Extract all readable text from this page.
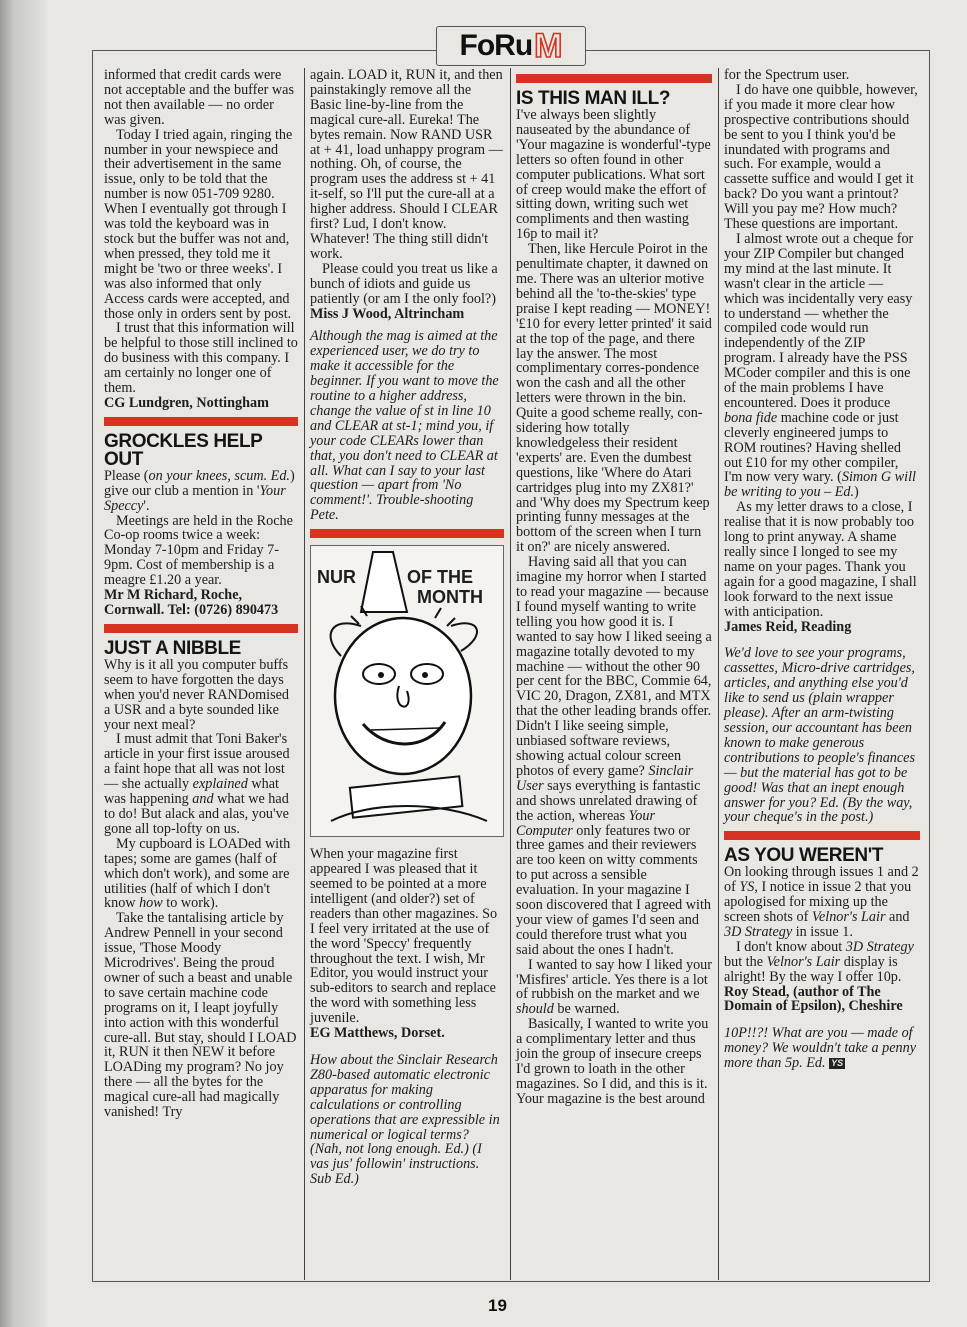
FoRu M

informed that credit cards were not acceptable and the buffer was not then available — no order was given.

Today I tried again, ringing the number in your newspiece and their advertisement in the same issue, only to be told that the number is now 051-709 9280. When I eventually got through I was told the keyboard was in stock but the buffer was not and, when pressed, they told me it might be 'two or three weeks'. I was also informed that only Access cards were accepted, and those only in orders sent by post.

I trust that this information will be helpful to those still inclined to do business with this company. I am certainly no longer one of them.

CG Lundgren, Nottingham

GROCKLES HELP OUT

Please (on your knees, scum. Ed.) give our club a mention in 'Your Speccy'.

Meetings are held in the Roche Co-op rooms twice a week: Monday 7-10pm and Friday 7-9pm. Cost of membership is a meagre £1.20 a year.

Mr M Richard, Roche, Cornwall. Tel: (0726) 890473

JUST A NIBBLE

Why is it all you computer buffs seem to have forgotten the days when you'd never RANDomised a USR and a byte sounded like your next meal?

I must admit that Toni Baker's article in your first issue aroused a faint hope that all was not lost — she actually explained what was happening and what we had to do! But alack and alas, you've gone all top-lofty on us.

My cupboard is LOADed with tapes; some are games (half of which don't work), and some are utilities (half of which I don't know how to work).

Take the tantalising article by Andrew Pennell in your second issue, 'Those Moody Microdrives'. Being the proud owner of such a beast and unable to save certain machine code programs on it, I leapt joyfully into action with this wonderful cure-all. But stay, should I LOAD it, RUN it then NEW it before LOADing my program? No joy there — all the bytes for the magical cure-all had magically vanished! Try

again. LOAD it, RUN it, and then painstakingly remove all the Basic line-by-line from the magical cure-all. Eureka! The bytes remain. Now RAND USR at + 41, load unhappy program — nothing. Oh, of course, the program uses the address st + 41 it-self, so I'll put the cure-all at a higher address. Should I CLEAR first? Lud, I don't know. Whatever! The thing still didn't work.

Please could you treat us like a bunch of idiots and guide us patiently (or am I the only fool?)

Miss J Wood, Altrincham

Although the mag is aimed at the experienced user, we do try to make it accessible for the beginner. If you want to move the routine to a higher address, change the value of st in line 10 and CLEAR at st-1; mind you, if your code CLEARs lower than that, you don't need to CLEAR at all. What can I say to your last question — apart from 'No comment!'. Trouble-shooting Pete.

NUR	OF THE
MONTH

When your magazine first appeared I was pleased that it seemed to be pointed at a more intelligent (and older?) set of readers than other magazines. So I feel very irritated at the use of the word 'Speccy' frequently throughout the text. I wish, Mr Editor, you would instruct your sub-editors to search and replace the word with something less juvenile.

EG Matthews, Dorset.

How about the Sinclair Research Z80-based automatic electronic apparatus for making calculations or controlling operations that are expressible in numerical or logical terms? (Nah, not long enough. Ed.) (I vas jus' followin' instructions. Sub Ed.)

IS THIS MAN ILL?

I've always been slightly nauseated by the abundance of 'Your magazine is wonderful'-type letters so often found in other computer publications. What sort of creep would make the effort of sitting down, writing such wet compliments and then wasting 16p to mail it?

Then, like Hercule Poirot in the penultimate chapter, it dawned on me. There was an ulterior motive behind all the 'to-the-skies' type praise I kept reading — MONEY! '£10 for every letter printed' it said at the top of the page, and there lay the answer. The most complimentary corres-pondence won the cash and all the other letters were thrown in the bin. Quite a good scheme really, con-sidering how totally knowledgeless their resident 'experts' are. Even the dumbest questions, like 'Where do Atari cartridges plug into my ZX81?' and 'Why does my Spectrum keep printing funny messages at the bottom of the screen when I turn it on?' are nicely answered.

Having said all that you can imagine my horror when I started to read your magazine — because I found myself wanting to write telling you how good it is. I wanted to say how I liked seeing a magazine totally devoted to my machine — without the other 90 per cent for the BBC, Commie 64, VIC 20, Dragon, ZX81, and MTX that the other leading brands offer. Didn't I like seeing simple, unbiased software reviews, showing actual colour screen photos of every game? Sinclair User says everything is fantastic and shows unrelated drawing of the action, whereas Your Computer only features two or three games and their reviewers are too keen on witty comments to put across a sensible evaluation. In your magazine I soon discovered that I agreed with your view of games I'd seen and could therefore trust what you said about the ones I hadn't.

I wanted to say how I liked your 'Misfires' article. Yes there is a lot of rubbish on the market and we should be warned.

Basically, I wanted to write you a complimentary letter and thus join the group of insecure creeps I'd grown to loath in the other magazines. So I did, and this is it. Your magazine is the best around

for the Spectrum user.

I do have one quibble, however, if you made it more clear how prospective contributions should be sent to you I think you'd be inundated with programs and such. For example, would a cassette suffice and would I get it back? Do you want a printout? Will you pay me? How much? These questions are important.

I almost wrote out a cheque for your ZIP Compiler but changed my mind at the last minute. It wasn't clear in the article — which was incidentally very easy to understand — whether the compiled code would run independently of the ZIP program. I already have the PSS MCoder compiler and this is one of the main problems I have encountered. Does it produce bona fide machine code or just cleverly engineered jumps to ROM routines? Having shelled out £10 for my other compiler, I'm now very wary. (Simon G will be writing to you – Ed.)

As my letter draws to a close, I realise that it is now probably too long to print anyway. A shame really since I longed to see my name on your pages. Thank you again for a good magazine, I shall look forward to the next issue with anticipation.

James Reid, Reading

We'd love to see your programs, cassettes, Micro-drive cartridges, articles, and anything else you'd like to send us (plain wrapper please). After an arm-twisting session, our accountant has been known to make generous contributions to people's finances — but the material has got to be good! Was that an inept enough answer for you? Ed. (By the way, your cheque's in the post.)

AS YOU WEREN'T

On looking through issues 1 and 2 of YS, I notice in issue 2 that you apologised for mixing up the screen shots of Velnor's Lair and 3D Strategy in issue 1.

I don't know about 3D Strategy but the Velnor's Lair display is alright! By the way I offer 10p.

Roy Stead, (author of The Domain of Epsilon), Cheshire

10P!!?! What are you — made of money? We wouldn't take a penny more than 5p. Ed. YS

19
